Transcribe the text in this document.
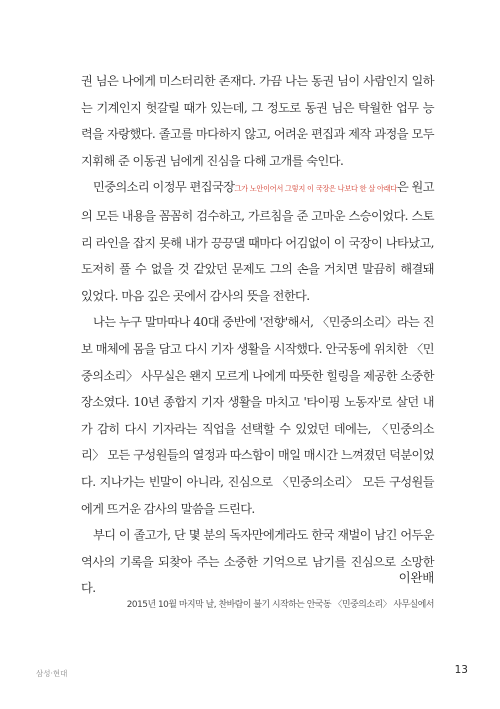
권 님은 나에게 미스터리한 존재다. 가끔 나는 동권 님이 사람인지 일하는 기계인지 헛갈릴 때가 있는데, 그 정도로 동권 님은 탁월한 업무 능력을 자랑했다. 졸고를 마다하지 않고, 어려운 편집과 제작 과정을 모두 지휘해 준 이동권 님에게 진심을 다해 고개를 숙인다.

민중의소리 이정무 편집국장그가 노안이어서 그렇지 이 국장은 나보다 한 살 아래다은 원고의 모든 내용을 꼼꼼히 검수하고, 가르침을 준 고마운 스승이었다. 스토리 라인을 잡지 못해 내가 끙끙댈 때마다 어김없이 이 국장이 나타났고, 도저히 풀 수 없을 것 같았던 문제도 그의 손을 거치면 말끔히 해결돼 있었다. 마음 깊은 곳에서 감사의 뜻을 전한다.

나는 누구 말마따나 40대 중반에 '전향'해서, 〈민중의소리〉라는 진보 매체에 몸을 담고 다시 기자 생활을 시작했다. 안국동에 위치한 〈민중의소리〉 사무실은 왠지 모르게 나에게 따뜻한 힐링을 제공한 소중한 장소였다. 10년 종합지 기자 생활을 마치고 '타이핑 노동자'로 살던 내가 감히 다시 기자라는 직업을 선택할 수 있었던 데에는, 〈민중의소리〉 모든 구성원들의 열정과 따스함이 매일 매시간 느껴졌던 덕분이었다. 지나가는 빈말이 아니라, 진심으로 〈민중의소리〉 모든 구성원들에게 뜨거운 감사의 말씀을 드린다.

부디 이 졸고가, 단 몇 분의 독자만에게라도 한국 재벌이 남긴 어두운 역사의 기록을 되찾아 주는 소중한 기억으로 남기를 진심으로 소망한다.

이완배
2015년 10월 마지막 날, 찬바람이 불기 시작하는 안국동 〈민중의소리〉 사무실에서
삼성·현대	13
